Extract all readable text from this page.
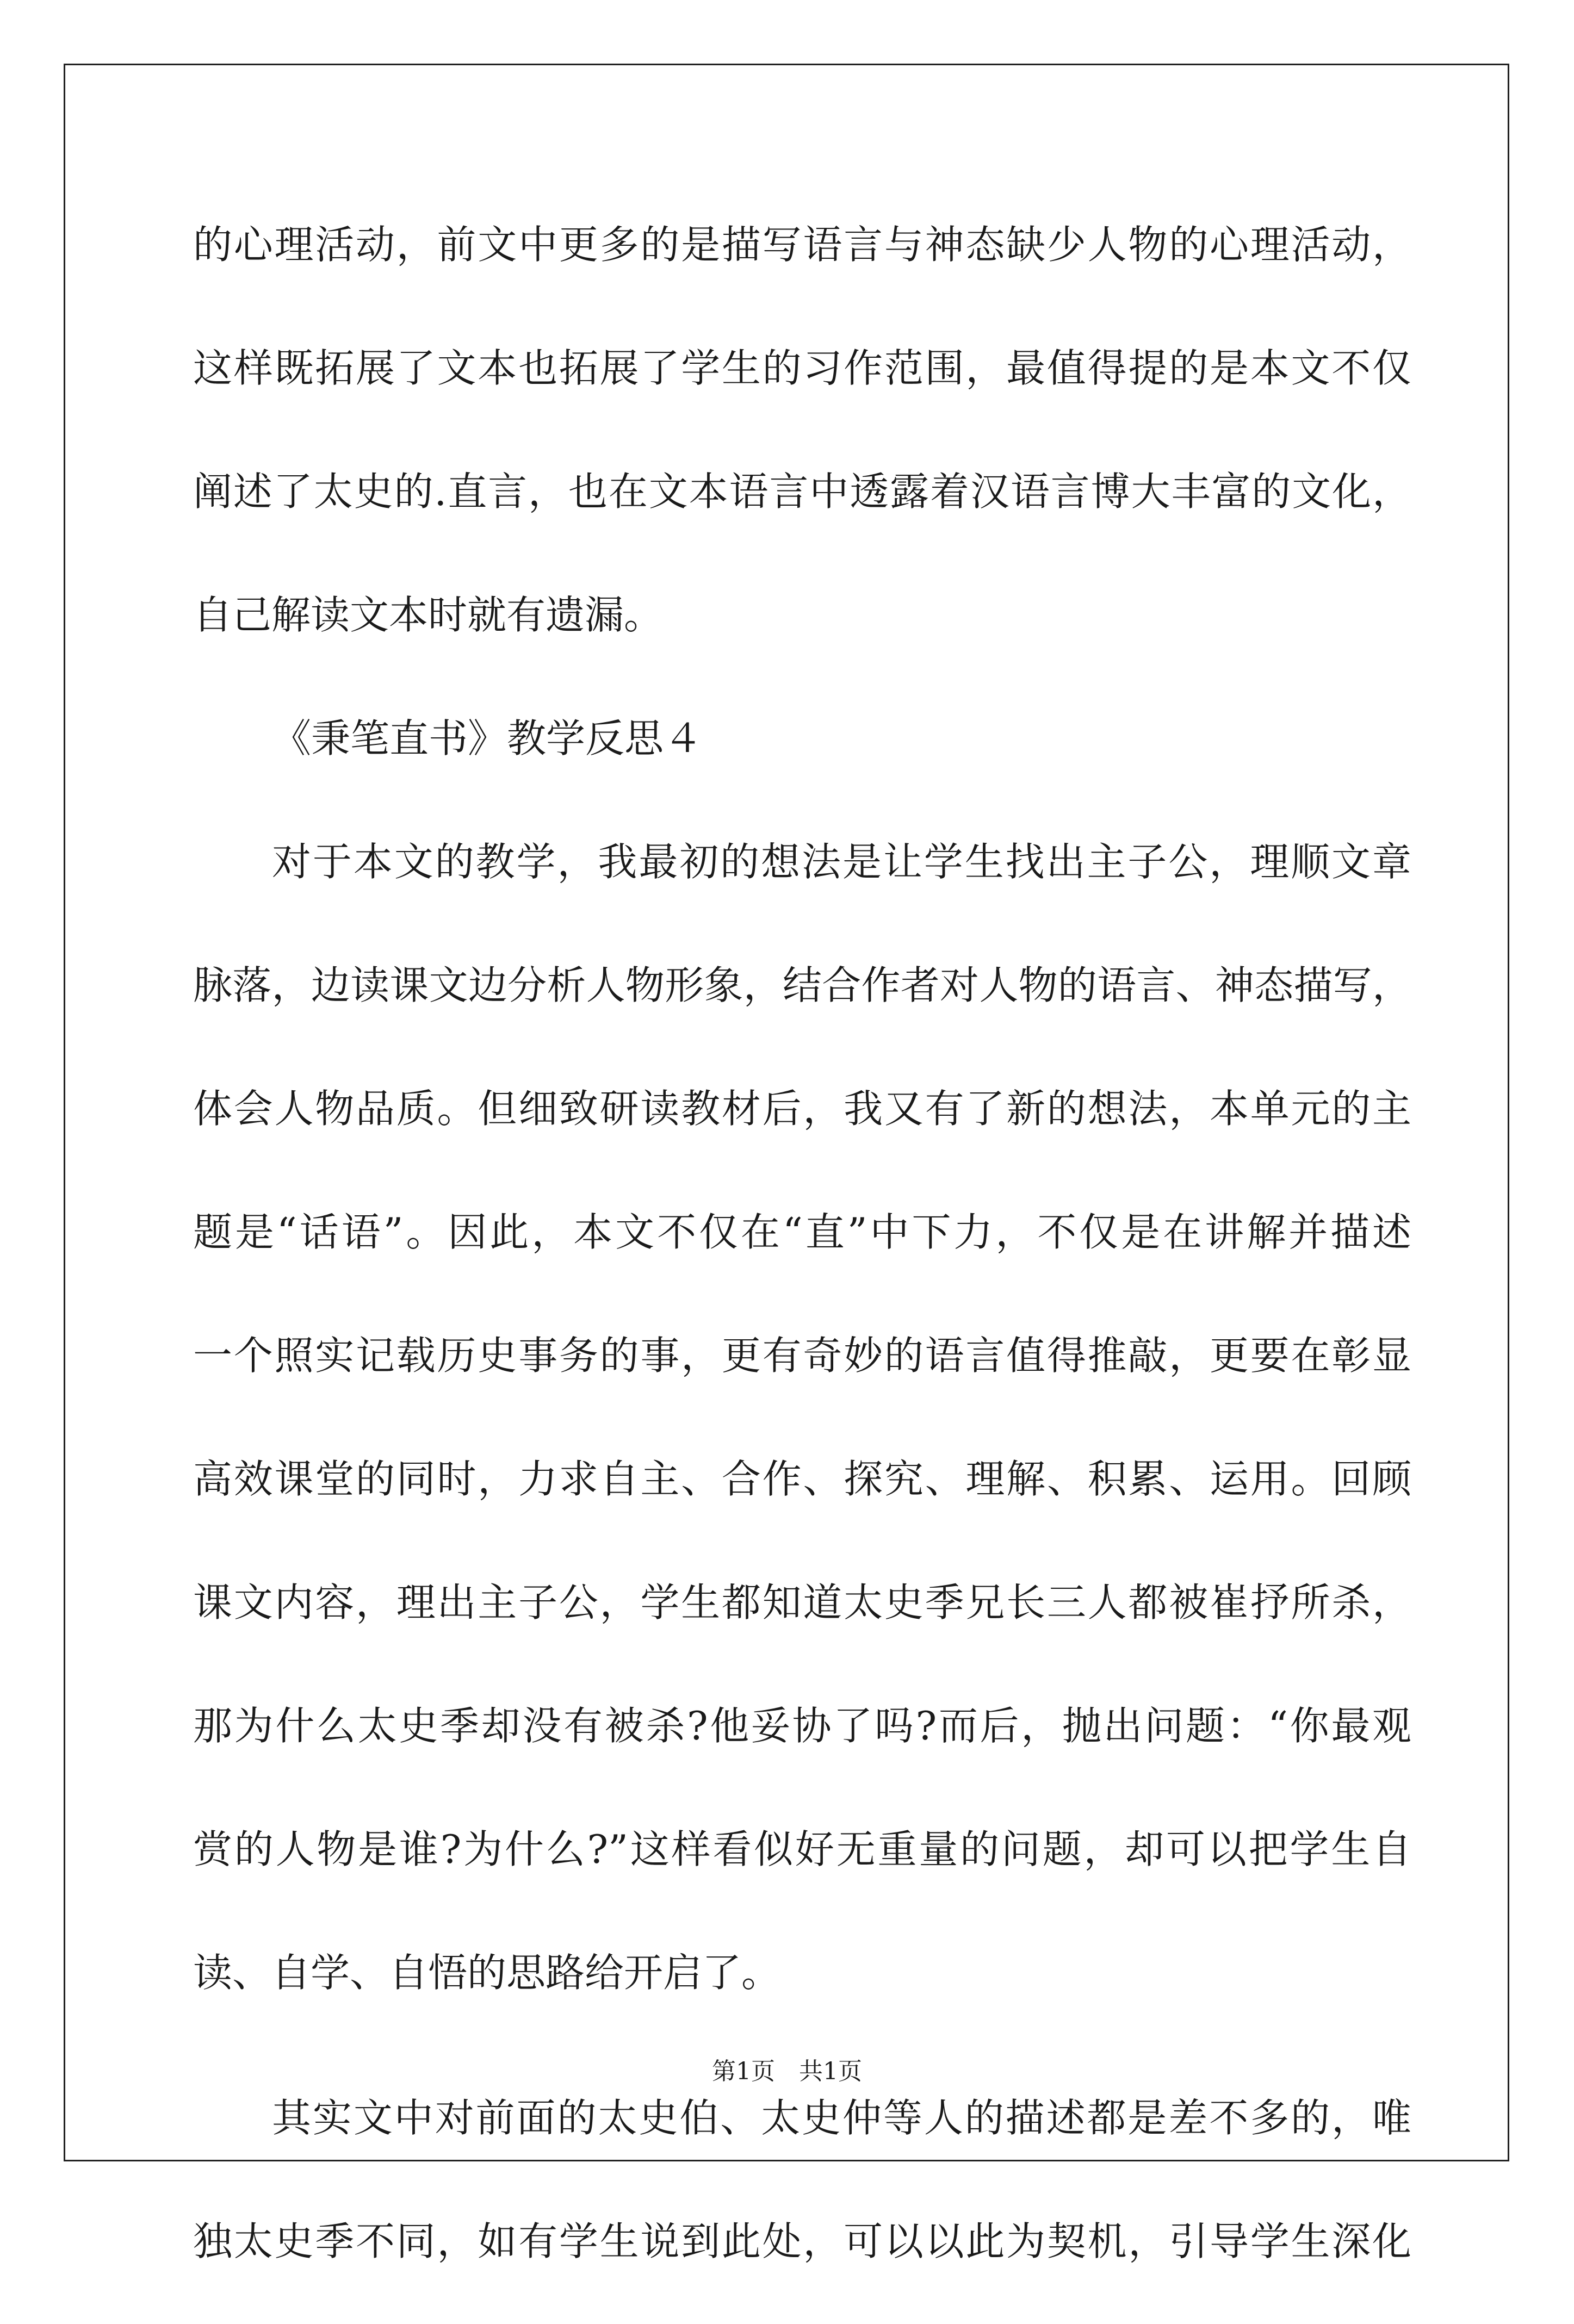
的心理活动，前文中更多的是描写语言与神态缺少人物的心理活动，
这样既拓展了文本也拓展了学生的习作范围，最值得提的是本文不仅
阐述了太史的.直言，也在文本语言中透露着汉语言博大丰富的文化，
自己解读文本时就有遗漏。
《秉笔直书》教学反思４
对于本文的教学，我最初的想法是让学生找出主子公，理顺文章
脉落，边读课文边分析人物形象，结合作者对人物的语言、神态描写，
体会人物品质。但细致研读教材后，我又有了新的想法，本单元的主
题是“话语”。因此，本文不仅在“直”中下力，不仅是在讲解并描述
一个照实记载历史事务的事，更有奇妙的语言值得推敲，更要在彰显
高效课堂的同时，力求自主、合作、探究、理解、积累、运用。回顾
课文内容，理出主子公，学生都知道太史季兄长三人都被崔抒所杀，
那为什么太史季却没有被杀?他妥协了吗?而后，抛出问题：“你最观
赏的人物是谁?为什么?”这样看似好无重量的问题，却可以把学生自
读、自学、自悟的思路给开启了。
其实文中对前面的太史伯、太史仲等人的描述都是差不多的，唯
独太史季不同，如有学生说到此处，可以以此为契机，引导学生深化
第1页　共1页
